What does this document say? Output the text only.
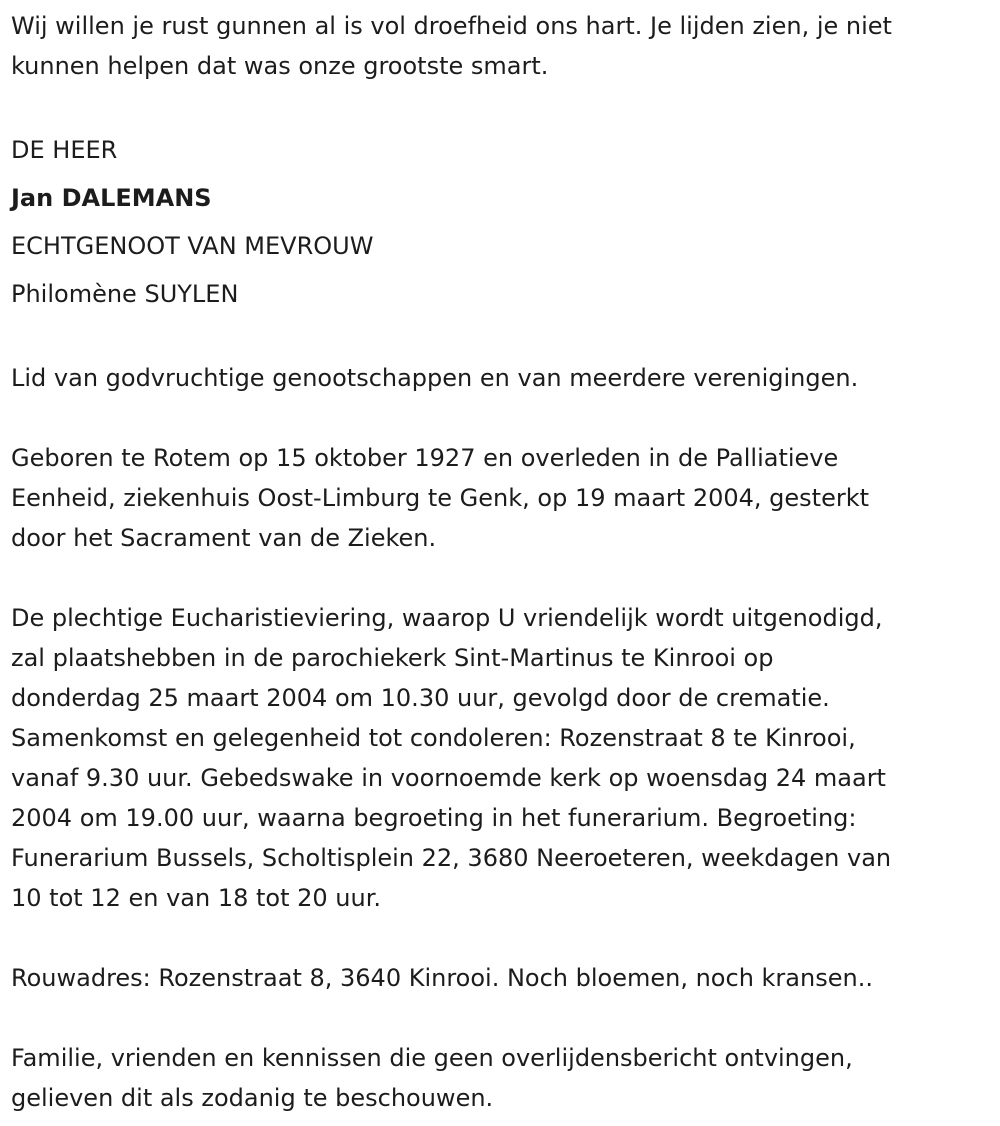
Wij willen je rust gunnen al is vol droefheid ons hart. Je lijden zien, je niet

kunnen helpen dat was onze grootste smart.

DE HEER

Jan DALEMANS

ECHTGENOOT VAN MEVROUW

Philomène SUYLEN

Lid van godvruchtige genootschappen en van meerdere verenigingen.

Geboren te Rotem op 15 oktober 1927 en overleden in de Palliatieve

Eenheid, ziekenhuis Oost-Limburg te Genk, op 19 maart 2004, gesterkt

door het Sacrament van de Zieken.

De plechtige Eucharistieviering, waarop U vriendelijk wordt uitgenodigd,

zal plaatshebben in de parochiekerk Sint-Martinus te Kinrooi op

donderdag 25 maart 2004 om 10.30 uur, gevolgd door de crematie.

Samenkomst en gelegenheid tot condoleren: Rozenstraat 8 te Kinrooi,

vanaf 9.30 uur. Gebedswake in voornoemde kerk op woensdag 24 maart

2004 om 19.00 uur, waarna begroeting in het funerarium. Begroeting:

Funerarium Bussels, Scholtisplein 22, 3680 Neeroeteren, weekdagen van

10 tot 12 en van 18 tot 20 uur.

Rouwadres: Rozenstraat 8, 3640 Kinrooi. Noch bloemen, noch kransen..

Familie, vrienden en kennissen die geen overlijdensbericht ontvingen,

gelieven dit als zodanig te beschouwen.
